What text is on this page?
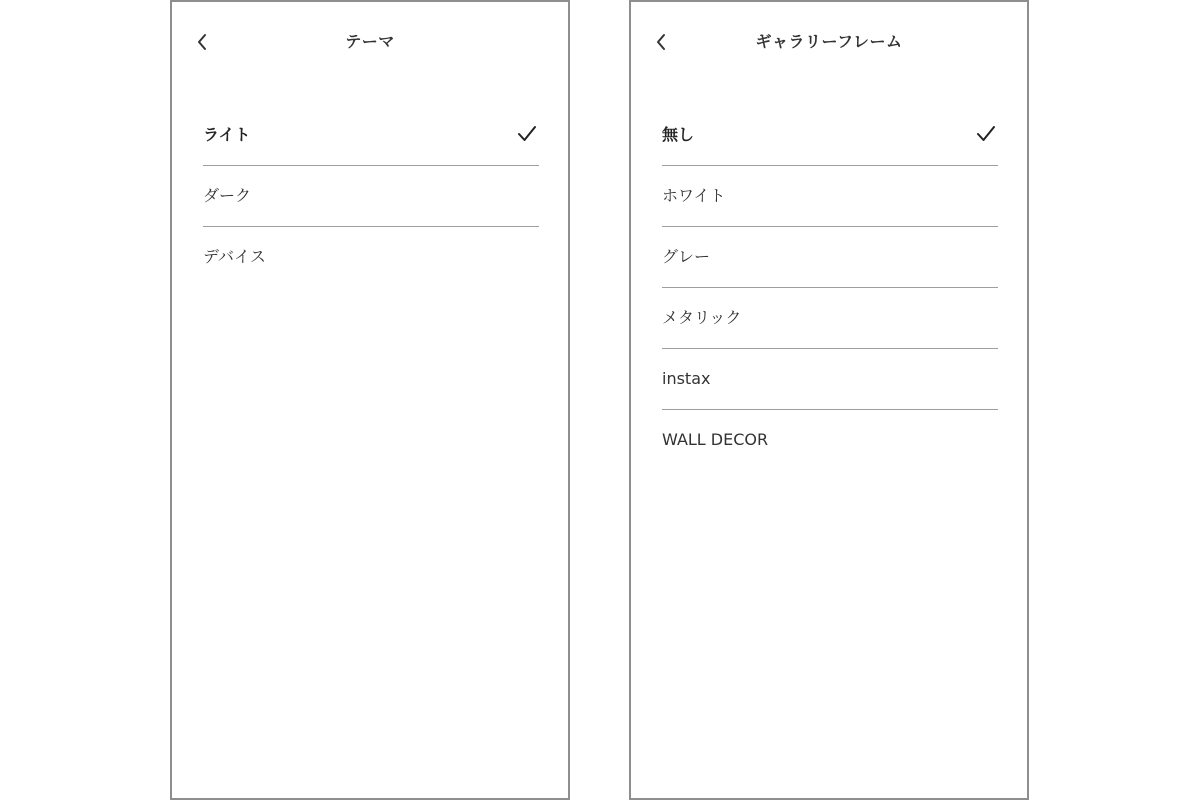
テーマ
ライト
ダーク
デバイス
ギャラリーフレーム
無し
ホワイト
グレー
メタリック
instax
WALL DECOR
